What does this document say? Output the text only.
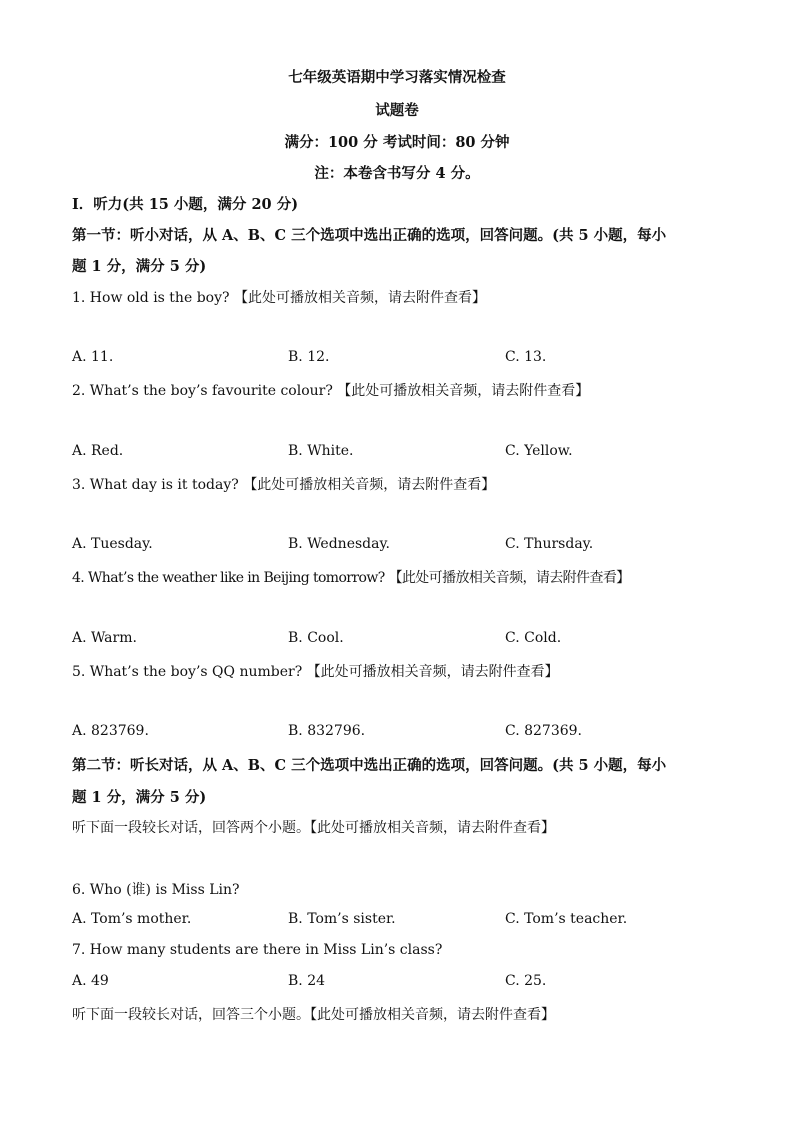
七年级英语期中学习落实情况检查
试题卷
满分：100 分 考试时间：80 分钟
注：本卷含书写分 4 分。
Ⅰ．听力(共 15 小题，满分 20 分)
第一节：听小对话，从 A、B、C 三个选项中选出正确的选项，回答问题。(共 5 小题，每小
题 1 分，满分 5 分)
1. How old is the boy? 【此处可播放相关音频，请去附件查看】
A. 11.	B. 12.	C. 13.
2. What’s the boy’s favourite colour? 【此处可播放相关音频，请去附件查看】
A. Red.	B. White.	C. Yellow.
3. What day is it today? 【此处可播放相关音频，请去附件查看】
A. Tuesday.	B. Wednesday.	C. Thursday.
4. What’s the weather like in Beijing tomorrow? 【此处可播放相关音频，请去附件查看】
A. Warm.	B. Cool.	C. Cold.
5. What’s the boy’s QQ number? 【此处可播放相关音频，请去附件查看】
A. 823769.	B. 832796.	C. 827369.
第二节：听长对话，从 A、B、C 三个选项中选出正确的选项，回答问题。(共 5 小题，每小
题 1 分，满分 5 分)
听下面一段较长对话，回答两个小题。【此处可播放相关音频，请去附件查看】
6. Who (谁) is Miss Lin?
A. Tom’s mother.	B. Tom’s sister.	C. Tom’s teacher.
7. How many students are there in Miss Lin’s class?
A. 49	B. 24	C. 25.
听下面一段较长对话，回答三个小题。【此处可播放相关音频，请去附件查看】
